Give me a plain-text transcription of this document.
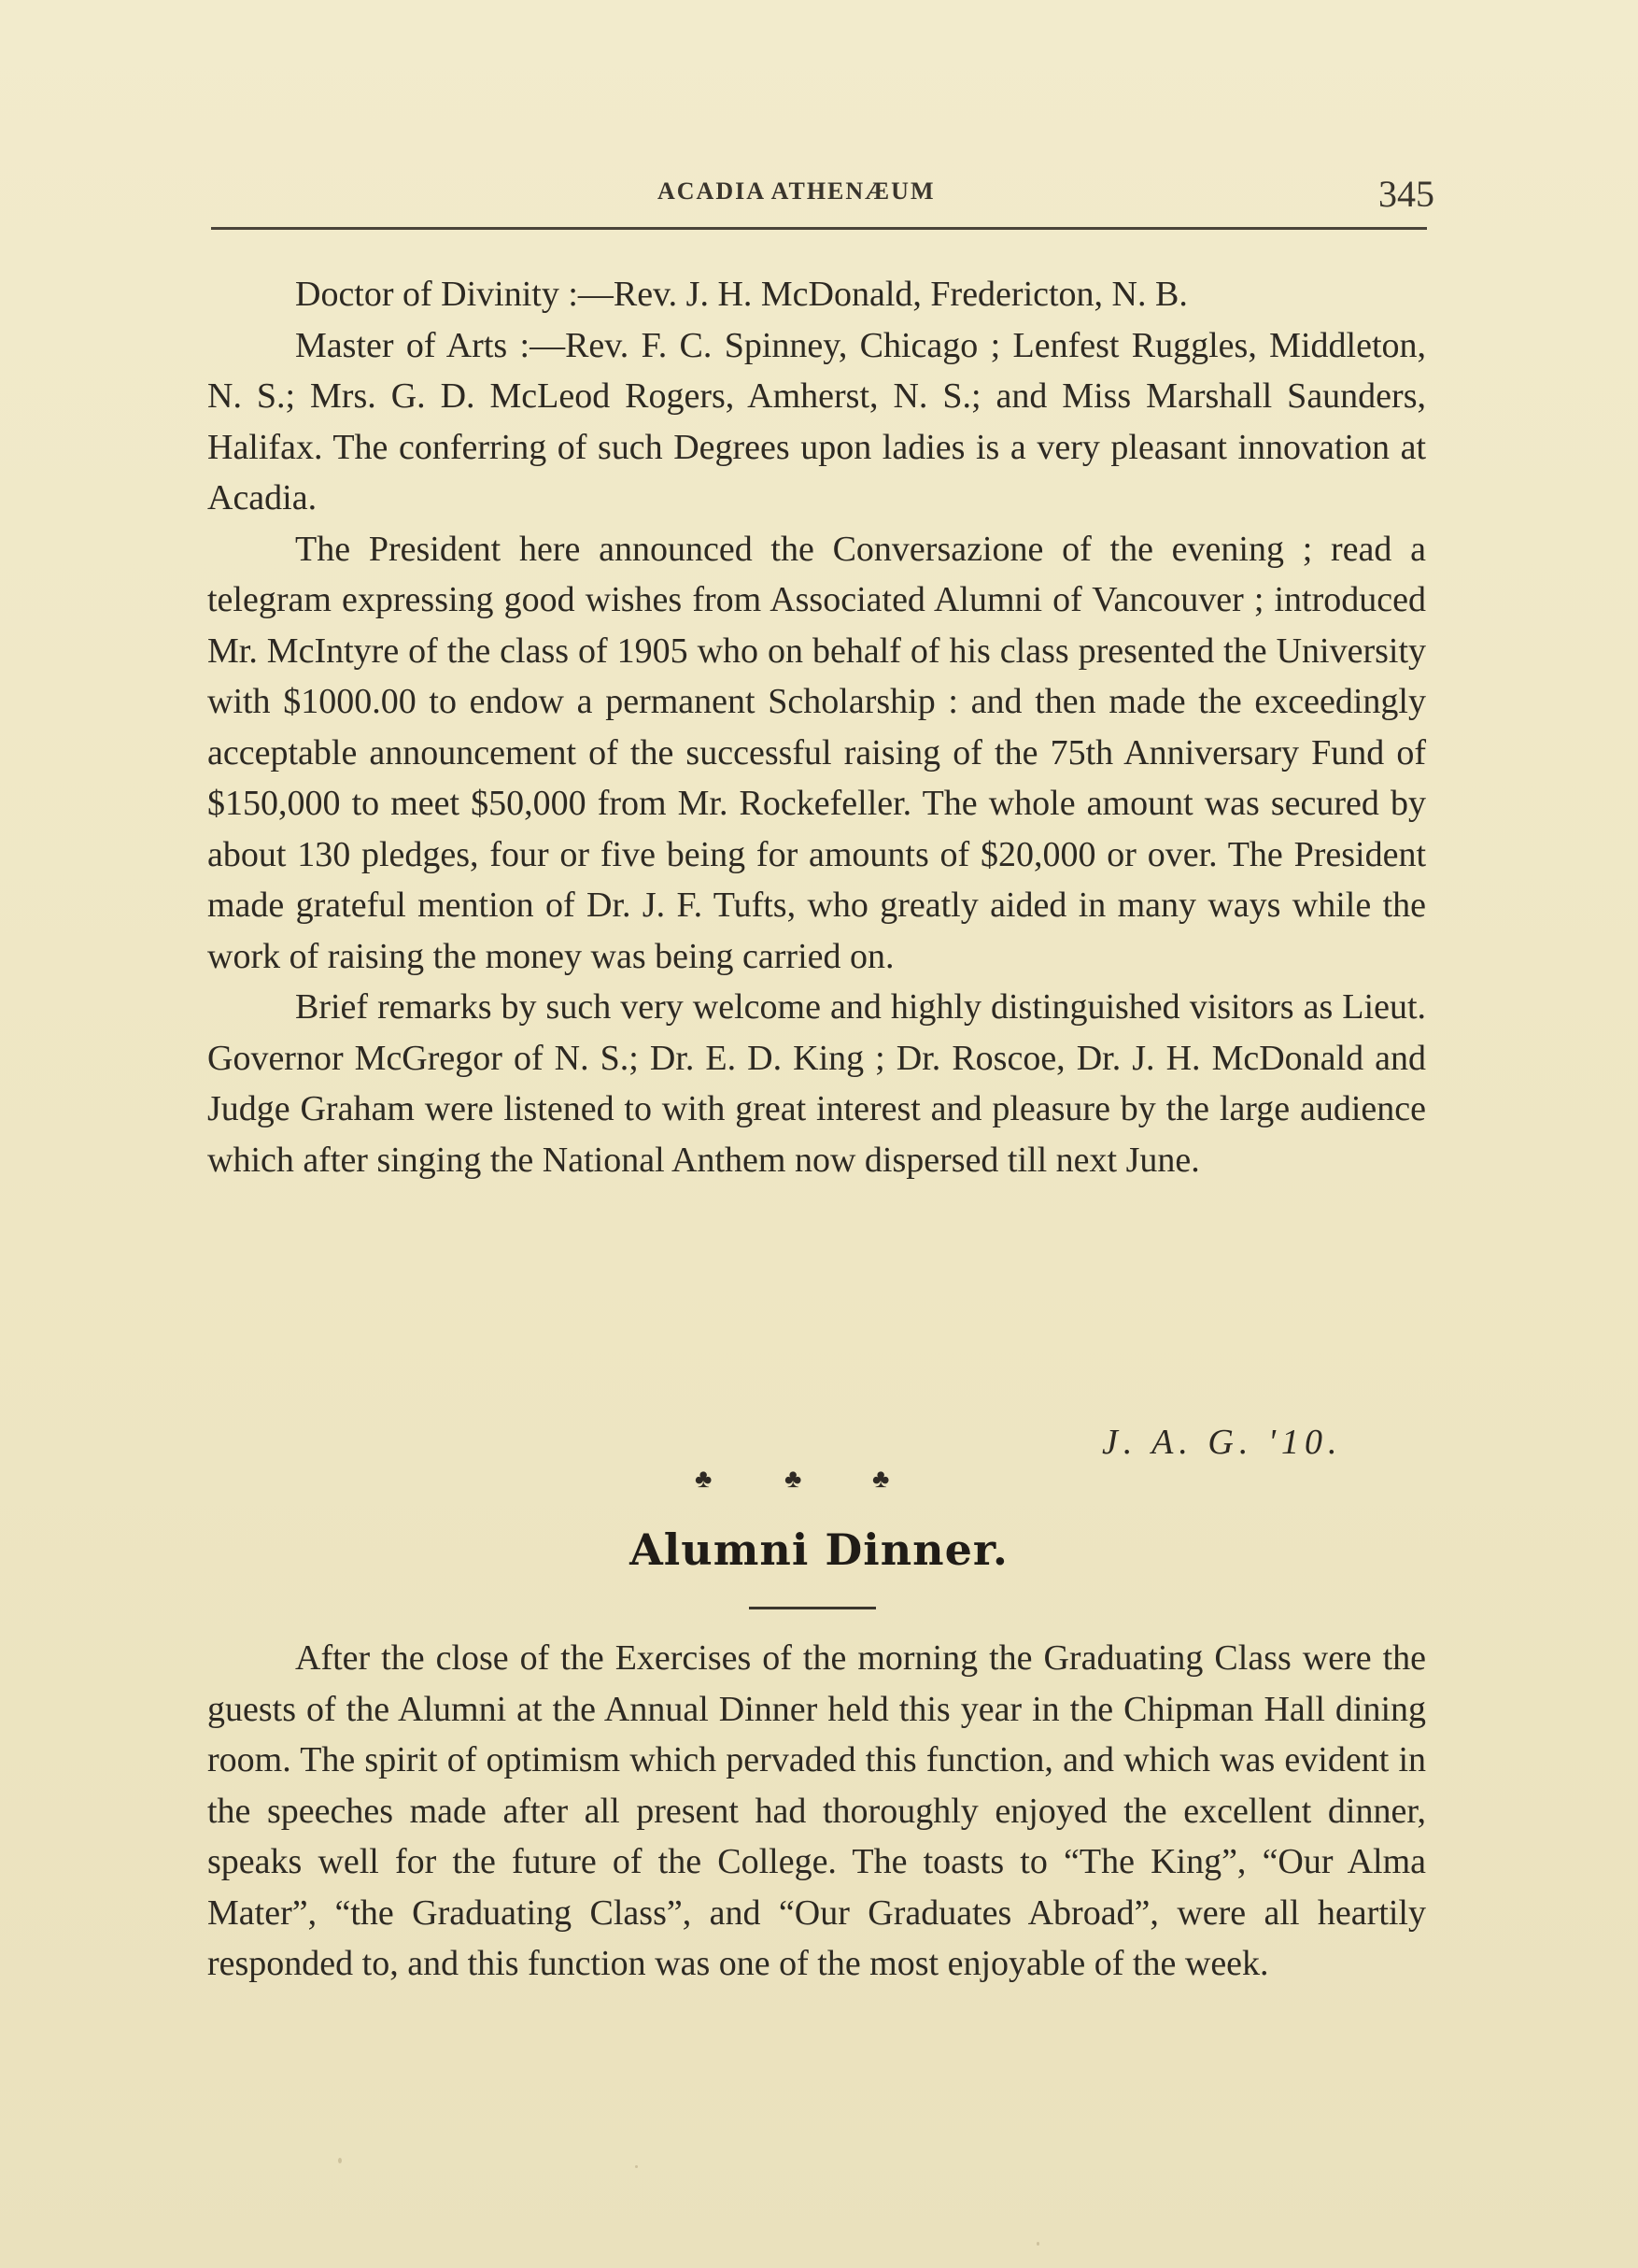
ACADIA ATHENÆUM	345

Doctor of Divinity :—Rev. J. H. McDonald, Fredericton, N. B.

Master of Arts :—Rev. F. C. Spinney, Chicago ; Lenfest Ruggles, Middleton, N. S.; Mrs. G. D. McLeod Rogers, Amherst, N. S.; and Miss Marshall Saunders, Halifax. The conferring of such Degrees upon ladies is a very pleasant innovation at Acadia.

The President here announced the Conversazione of the evening ; read a telegram expressing good wishes from Associated Alumni of Vancouver ; introduced Mr. McIntyre of the class of 1905 who on behalf of his class presented the University with $1000.00 to endow a permanent Scholarship : and then made the exceedingly acceptable announcement of the successful raising of the 75th Anniversary Fund of $150,000 to meet $50,000 from Mr. Rockefeller. The whole amount was secured by about 130 pledges, four or five being for amounts of $20,000 or over. The President made grateful mention of Dr. J. F. Tufts, who greatly aided in many ways while the work of raising the money was being carried on.

Brief remarks by such very welcome and highly distinguished visitors as Lieut. Governor McGregor of N. S.; Dr. E. D. King ; Dr. Roscoe, Dr. J. H. McDonald and Judge Graham were listened to with great interest and pleasure by the large audience which after singing the National Anthem now dispersed till next June.

J. A. G. '10.
♣	♣	♣
Alumni Dinner.

After the close of the Exercises of the morning the Graduating Class were the guests of the Alumni at the Annual Dinner held this year in the Chipman Hall dining room. The spirit of optimism which pervaded this function, and which was evident in the speeches made after all present had thoroughly enjoyed the excellent dinner, speaks well for the future of the College. The toasts to “The King”, “Our Alma Mater”, “the Graduating Class”, and “Our Graduates Abroad”, were all heartily responded to, and this function was one of the most enjoyable of the week.
